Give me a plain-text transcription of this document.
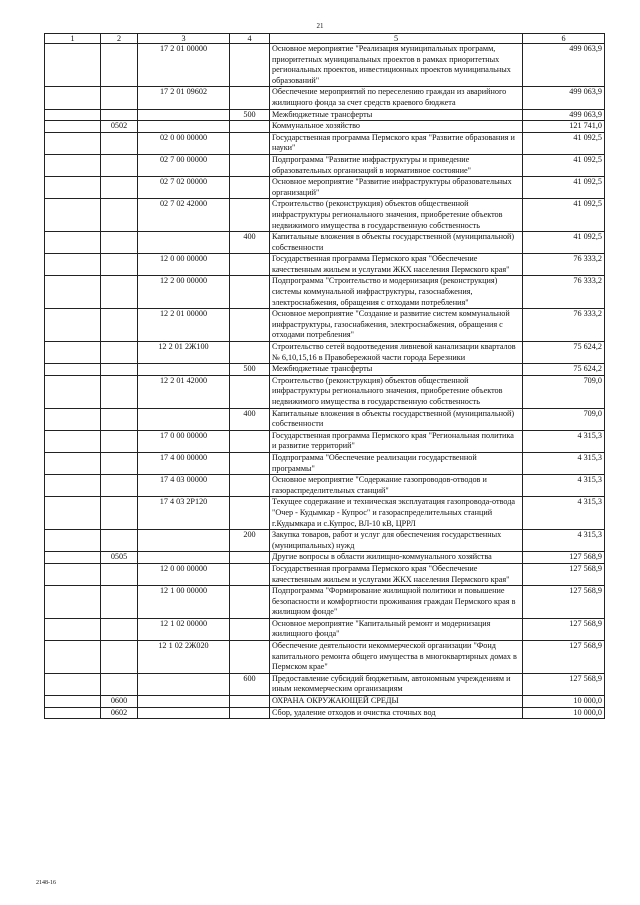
21
1	2	3	4	5	6
		17 2 01 00000		Основное мероприятие "Реализация муниципальных программ, приоритетных муниципальных проектов в рамках приоритетных региональных проектов, инвестиционных проектов муниципальных образований"	499 063,9
		17 2 01 09602		Обеспечение мероприятий по переселению граждан из аварийного жилищного фонда за счет средств краевого бюджета	499 063,9
			500	Межбюджетные трансферты	499 063,9
	0502			Коммунальное хозяйство	121 741,0
		02 0 00 00000		Государственная программа Пермского края "Развитие образования и науки"	41 092,5
		02 7 00 00000		Подпрограмма "Развитие инфраструктуры и приведение образовательных организаций в нормативное состояние"	41 092,5
		02 7 02 00000		Основное мероприятие "Развитие инфраструктуры образовательных организаций"	41 092,5
		02 7 02 42000		Строительство (реконструкция) объектов общественной инфраструктуры регионального значения, приобретение объектов недвижимого имущества в государственную собственность	41 092,5
			400	Капитальные вложения в объекты государственной (муниципальной) собственности	41 092,5
		12 0 00 00000		Государственная программа Пермского края "Обеспечение качественным жильем и услугами ЖКХ населения Пермского края"	76 333,2
		12 2 00 00000		Подпрограмма "Строительство и модернизация (реконструкция) системы коммунальной инфраструктуры, газоснабжения, электроснабжения, обращения с отходами потребления"	76 333,2
		12 2 01 00000		Основное мероприятие "Создание и развитие систем коммунальной инфраструктуры, газоснабжения, электроснабжения, обращения с отходами потребления"	76 333,2
		12 2 01 2Ж100		Строительство сетей водоотведения ливневой канализации кварталов № 6,10,15,16 в Правобережной части города Березники	75 624,2
			500	Межбюджетные трансферты	75 624,2
		12 2 01 42000		Строительство (реконструкция) объектов общественной инфраструктуры регионального значения, приобретение объектов недвижимого имущества в государственную собственность	709,0
			400	Капитальные вложения в объекты государственной (муниципальной) собственности	709,0
		17 0 00 00000		Государственная программа Пермского края "Региональная политика и развитие территорий"	4 315,3
		17 4 00 00000		Подпрограмма "Обеспечение реализации государственной программы"	4 315,3
		17 4 03 00000		Основное мероприятие "Содержание газопроводов-отводов и газораспределительных станций"	4 315,3
		17 4 03 2Р120		Текущее содержание и техническая эксплуатация газопровода-отвода "Очер - Кудымкар - Купрос" и газораспределительных станций г.Кудымкара и с.Купрос, ВЛ-10 кВ, ЦРРЛ	4 315,3
			200	Закупка товаров, работ и услуг для обеспечения государственных (муниципальных) нужд	4 315,3
	0505			Другие вопросы в области жилищно-коммунального хозяйства	127 568,9
		12 0 00 00000		Государственная программа Пермского края "Обеспечение качественным жильем и услугами ЖКХ населения Пермского края"	127 568,9
		12 1 00 00000		Подпрограмма "Формирование жилищной политики и повышение безопасности и комфортности проживания граждан Пермского края в жилищном фонде"	127 568,9
		12 1 02 00000		Основное мероприятие "Капитальный ремонт и модернизация жилищного фонда"	127 568,9
		12 1 02 2Ж020		Обеспечение деятельности некоммерческой организации "Фонд капитального ремонта общего имущества в многоквартирных домах в Пермском крае"	127 568,9
			600	Предоставление субсидий бюджетным, автономным учреждениям и иным некоммерческим организациям	127 568,9
	0600			ОХРАНА ОКРУЖАЮЩЕЙ СРЕДЫ	10 000,0
	0602			Сбор, удаление отходов и очистка сточных вод	10 000,0
2148-16
